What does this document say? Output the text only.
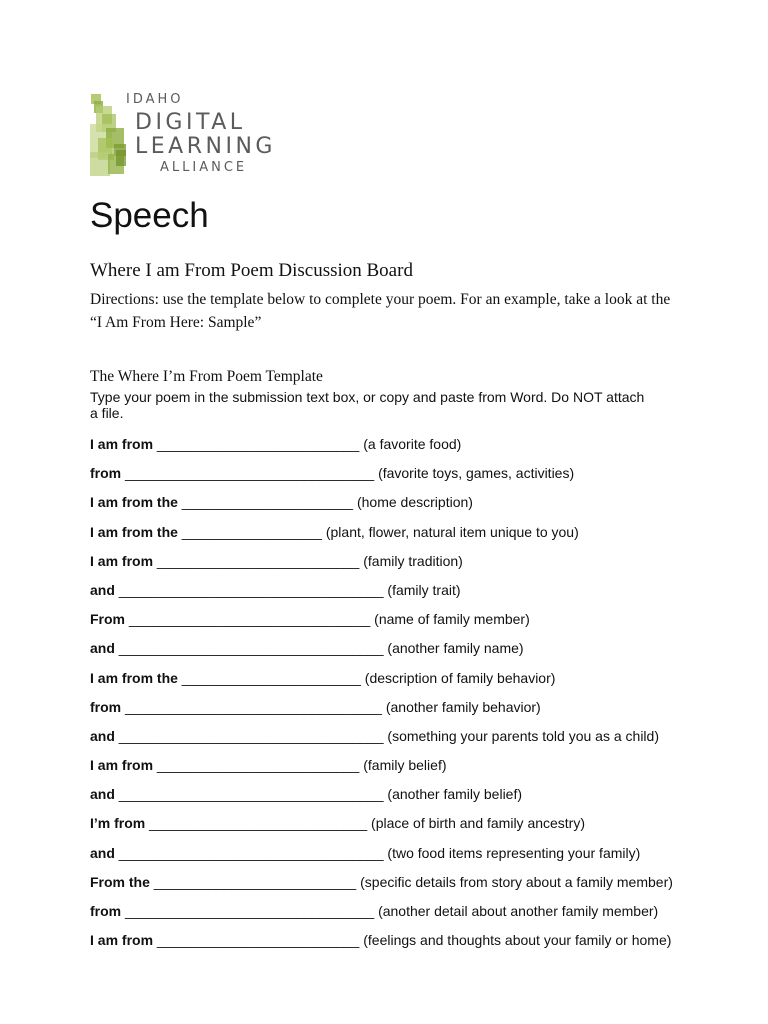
IDAHO
DIGITAL
LEARNING
ALLIANCE
Speech
Where I am From Poem Discussion Board

Directions: use the template below to complete your poem. For an example, take a look at the “I Am From Here: Sample”

The Where I’m From Poem Template

Type your poem in the submission text box, or copy and paste from Word. Do NOT attach a file.

I am from __________________________ (a favorite food)
from ________________________________ (favorite toys, games, activities)
I am from the ______________________ (home description)
I am from the __________________ (plant, flower, natural item unique to you)
I am from __________________________ (family tradition)
and __________________________________ (family trait)
From _______________________________ (name of family member)
and __________________________________ (another family name)
I am from the _______________________ (description of family behavior)
from _________________________________ (another family behavior)
and __________________________________ (something your parents told you as a child)
I am from __________________________ (family belief)
and __________________________________ (another family belief)
I’m from ____________________________ (place of birth and family ancestry)
and __________________________________ (two food items representing your family)
From the __________________________ (specific details from story about a family member)
from ________________________________ (another detail about another family member)
I am from __________________________ (feelings and thoughts about your family or home)
